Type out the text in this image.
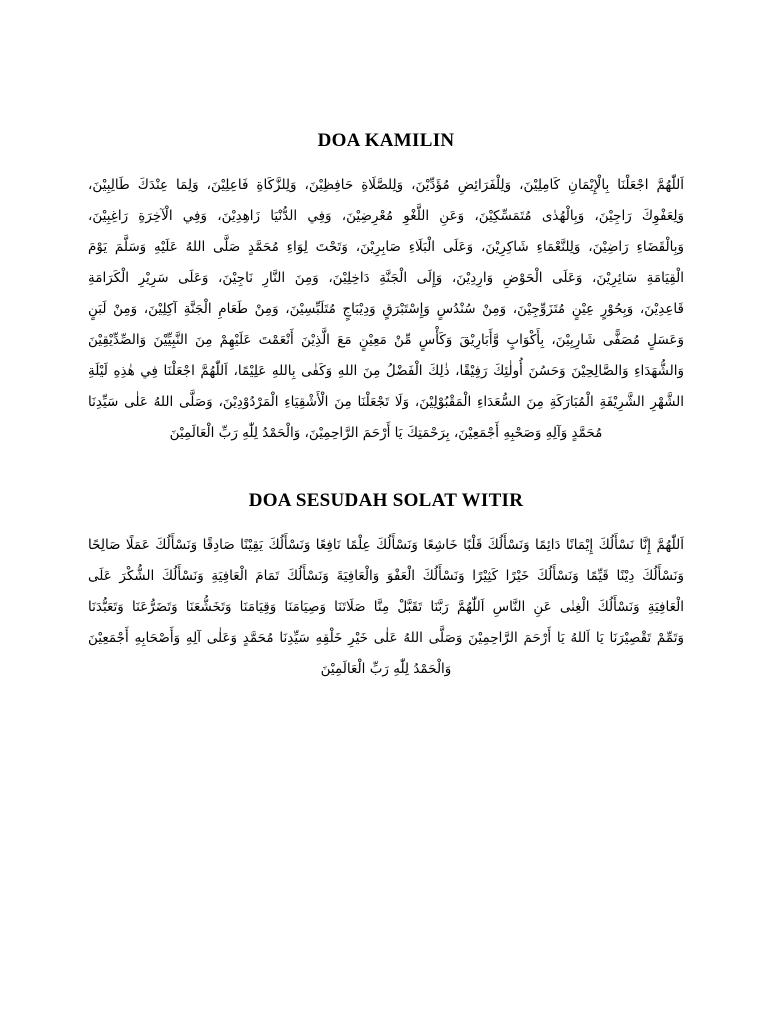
DOA KAMILIN
اَللّٰهُمَّ اجْعَلْنَا بِالْإِيْمَانِ كَامِلِيْنَ، وَلِلْفَرَائِضِ مُؤَدِّيْنَ، وَلِلصَّلَاةِ حَافِظِيْنَ، وَلِلزَّكَاةِ فَاعِلِيْنَ، وَلِمَا عِنْدَكَ طَالِبِيْنَ،
وَلِعَفْوِكَ رَاجِيْنَ، وَبِالْهُدٰى مُتَمَسِّكِيْنَ، وَعَنِ اللَّغْوِ مُعْرِضِيْنَ، وَفِي الدُّنْيَا زَاهِدِيْنَ، وَفِي الْآخِرَةِ رَاغِبِيْنَ،
وَبِالْقَضَاءِ رَاضِيْنَ، وَلِلنَّعْمَاءِ شَاكِرِيْنَ، وَعَلَى الْبَلَاءِ صَابِرِيْنَ، وَتَحْتَ لِوَاءِ مُحَمَّدٍ صَلَّى اللهُ عَلَيْهِ وَسَلَّمَ يَوْمَ
الْقِيَامَةِ سَائِرِيْنَ، وَعَلَى الْحَوْضِ وَارِدِيْنَ، وَإِلَى الْجَنَّةِ دَاخِلِيْنَ، وَمِنَ النَّارِ نَاجِيْنَ، وَعَلَى سَرِيْرِ الْكَرَامَةِ
قَاعِدِيْنَ، وَبِحُوْرٍ عِيْنٍ مُتَزَوِّجِيْنَ، وَمِنْ سُنْدُسٍ وَإِسْتَبْرَقٍ وَدِيْبَاجٍ مُتَلَبِّسِيْنَ، وَمِنْ طَعَامِ الْجَنَّةِ آكِلِيْنَ، وَمِنْ لَبَنٍ
وَعَسَلٍ مُصَفًّى شَارِبِيْنَ، بِأَكْوَابٍ وَّأَبَارِيْقَ وَكَأْسٍ مِّنْ مَعِيْنٍ مَعَ الَّذِيْنَ أَنْعَمْتَ عَلَيْهِمْ مِنَ النَّبِيِّيْنَ وَالصِّدِّيْقِيْنَ
وَالشُّهَدَاءِ وَالصَّالِحِيْنَ وَحَسُنَ أُولٰئِكَ رَفِيْقًا، ذٰلِكَ الْفَضْلُ مِنَ اللهِ وَكَفٰى بِاللهِ عَلِيْمًا، اَللّٰهُمَّ اجْعَلْنَا فِي هٰذِهِ لَيْلَةِ
الشَّهْرِ الشَّرِيْفَةِ الْمُبَارَكَةِ مِنَ السُّعَدَاءِ الْمَقْبُوْلِيْنَ، وَلَا تَجْعَلْنَا مِنَ الْأَشْقِيَاءِ الْمَرْدُوْدِيْنَ، وَصَلَّى اللهُ عَلٰى سَيِّدِنَا
مُحَمَّدٍ وَآلِهِ وَصَحْبِهِ أَجْمَعِيْنَ، بِرَحْمَتِكَ يَا أَرْحَمَ الرَّاحِمِيْنَ، وَالْحَمْدُ لِلّٰهِ رَبِّ الْعَالَمِيْنَ
DOA SESUDAH SOLAT WITIR
اَللّٰهُمَّ إِنَّا نَسْأَلُكَ إِيْمَانًا دَائِمًا وَنَسْأَلُكَ قَلْبًا خَاشِعًا وَنَسْأَلُكَ عِلْمًا نَافِعًا وَنَسْأَلُكَ يَقِيْنًا صَادِقًا وَنَسْأَلُكَ عَمَلًا صَالِحًا
وَنَسْأَلُكَ دِيْنًا قَيِّمًا وَنَسْأَلُكَ خَيْرًا كَثِيْرًا وَنَسْأَلُكَ الْعَفْوَ وَالْعَافِيَةَ وَنَسْأَلُكَ تَمَامَ الْعَافِيَةِ وَنَسْأَلُكَ الشُّكْرَ عَلَى
الْعَافِيَةِ وَنَسْأَلُكَ الْغِنٰى عَنِ النَّاسِ اَللّٰهُمَّ رَبَّنَا تَقَبَّلْ مِنَّا صَلَاتَنَا وَصِيَامَنَا وَقِيَامَنَا وَتَخَشُّعَنَا وَتَضَرُّعَنَا وَتَعَبُّدَنَا
وَتَمِّمْ تَقْصِيْرَنَا يَا اَللهُ يَا أَرْحَمَ الرَّاحِمِيْنَ وَصَلَّى اللهُ عَلٰى خَيْرِ خَلْقِهِ سَيِّدِنَا مُحَمَّدٍ وَعَلٰى آلِهِ وَأَصْحَابِهِ أَجْمَعِيْنَ
وَالْحَمْدُ لِلّٰهِ رَبِّ الْعَالَمِيْنَ
